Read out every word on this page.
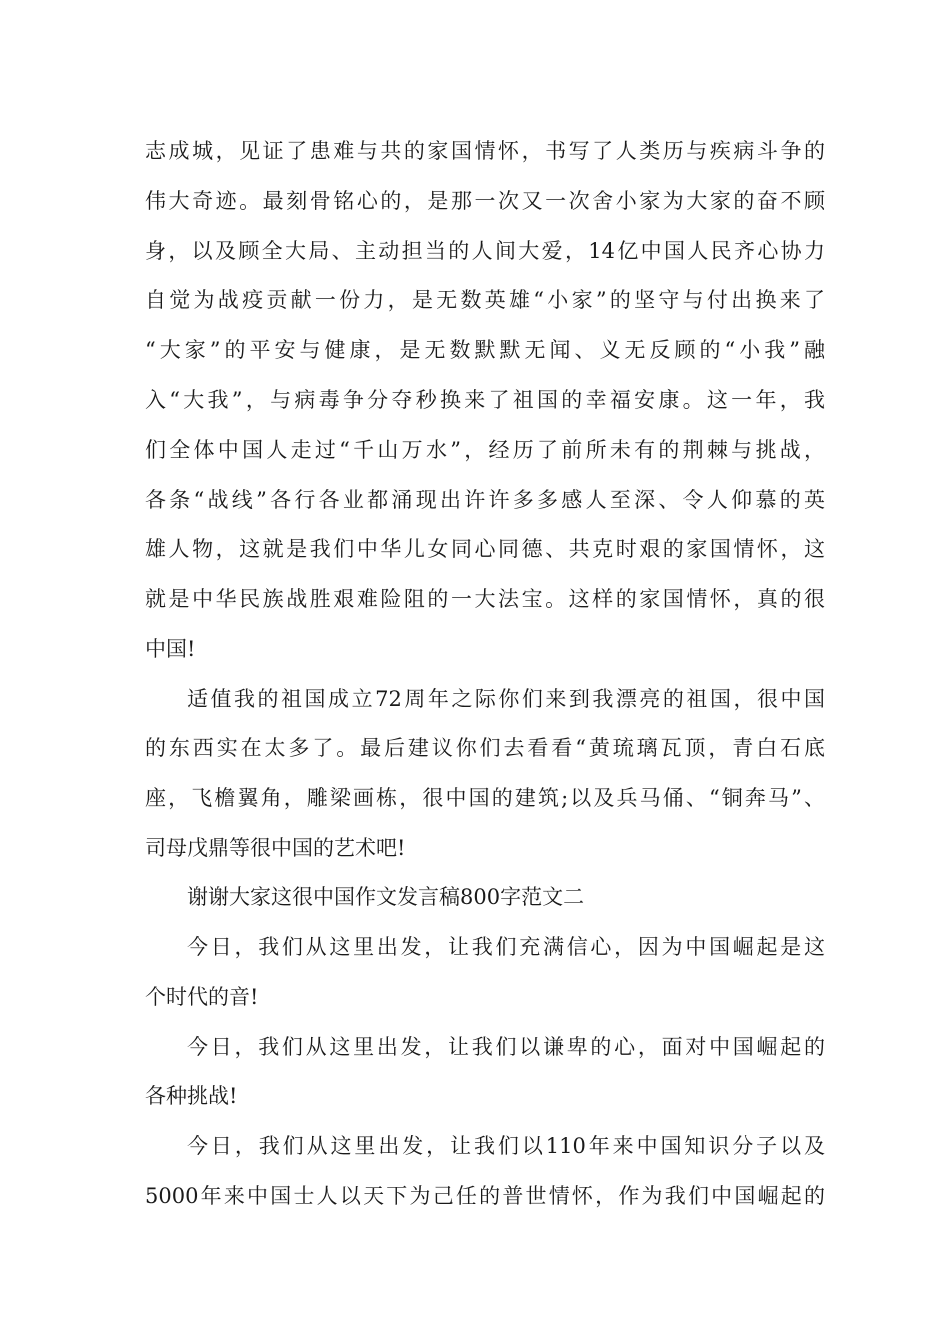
志成城，见证了患难与共的家国情怀，书写了人类历与疾病斗争的
伟大奇迹。最刻骨铭心的，是那一次又一次舍小家为大家的奋不顾
身，以及顾全大局、主动担当的人间大爱，14亿中国人民齐心协力
自觉为战疫贡献一份力，是无数英雄“小家”的坚守与付出换来了
“大家”的平安与健康，是无数默默无闻、义无反顾的“小我”融
入“大我”，与病毒争分夺秒换来了祖国的幸福安康。这一年，我
们全体中国人走过“千山万水”，经历了前所未有的荆棘与挑战，
各条“战线”各行各业都涌现出许许多多感人至深、令人仰慕的英
雄人物，这就是我们中华儿女同心同德、共克时艰的家国情怀，这
就是中华民族战胜艰难险阻的一大法宝。这样的家国情怀，真的很
中国!
适值我的祖国成立72周年之际你们来到我漂亮的祖国，很中国
的东西实在太多了。最后建议你们去看看“黄琉璃瓦顶，青白石底
座，飞檐翼角，雕梁画栋，很中国的建筑;以及兵马俑、“铜奔马”、
司母戊鼎等很中国的艺术吧!
谢谢大家这很中国作文发言稿800字范文二
今日，我们从这里出发，让我们充满信心，因为中国崛起是这
个时代的音!
今日，我们从这里出发，让我们以谦卑的心，面对中国崛起的
各种挑战!
今日，我们从这里出发，让我们以110年来中国知识分子以及
5000年来中国士人以天下为己任的普世情怀，作为我们中国崛起的
